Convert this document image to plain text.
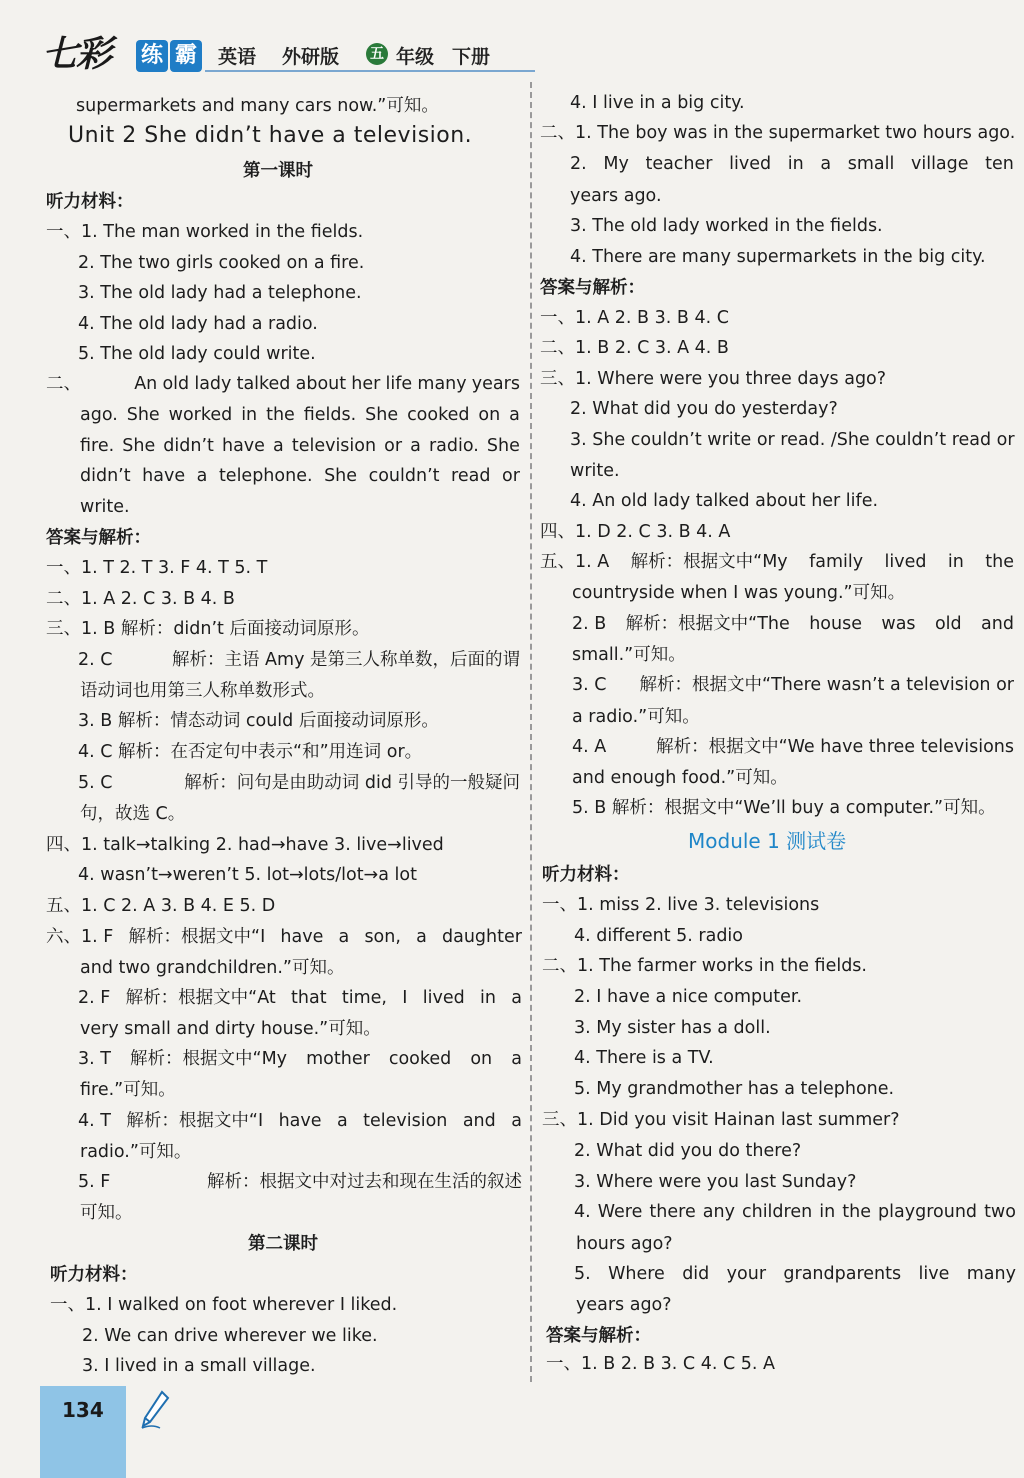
七彩 练 霸 英语 外研版 五 年级 下册
supermarkets and many cars now.”可知。
Unit 2 She didn’t have a television.
第一课时
听力材料：
一、1. The man worked in the fields.
2. The two girls cooked on a fire.
3. The old lady had a telephone.
4. The old lady had a radio.
5. The old lady could write.
二、	An old lady talked about her life many years
ago. She worked in the fields. She cooked on a
fire. She didn’t have a television or a radio. She
didn’t have a telephone. She couldn’t read or
write.
答案与解析：
一、1. T 2. T 3. F 4. T 5. T
二、1. A 2. C 3. B 4. B
三、1. B 解析：didn’t 后面接动词原形。
2. C	解析：主语 Amy 是第三人称单数，后面的谓
语动词也用第三人称单数形式。
3. B 解析：情态动词 could 后面接动词原形。
4. C 解析：在否定句中表示“和”用连词 or。
5. C	解析：问句是由助动词 did 引导的一般疑问
句，故选 C。
四、1. talk→talking 2. had→have 3. live→lived
4. wasn’t→weren’t 5. lot→lots/lot→a lot
五、1. C 2. A 3. B 4. E 5. D
六、1. F 解析：根据文中“I have a son, a daughter
and two grandchildren.”可知。
2. F 解析：根据文中“At that time, I lived in a
very small and dirty house.”可知。
3. T 解析：根据文中“My mother cooked on a
fire.”可知。
4. T 解析：根据文中“I have a television and a
radio.”可知。
5. F	解析：根据文中对过去和现在生活的叙述
可知。
第二课时
听力材料：
一、1. I walked on foot wherever I liked.
2. We can drive wherever we like.
3. I lived in a small village.
4. I live in a big city.
二、1. The boy was in the supermarket two hours ago.
2. My teacher lived in a small village ten
years ago.
3. The old lady worked in the fields.
4. There are many supermarkets in the big city.
答案与解析：
一、1. A 2. B 3. B 4. C
二、1. B 2. C 3. A 4. B
三、1. Where were you three days ago?
2. What did you do yesterday?
3. She couldn’t write or read. /She couldn’t read or
write.
4. An old lady talked about her life.
四、1. D 2. C 3. B 4. A
五、1. A 解析：根据文中“My family lived in the
countryside when I was young.”可知。
2. B 解析：根据文中“The house was old and
small.”可知。
3. C 解析：根据文中“There wasn’t a television or
a radio.”可知。
4. A	解析：根据文中“We have three televisions
and enough food.”可知。
5. B 解析：根据文中“We’ll buy a computer.”可知。
Module 1 测试卷
听力材料：
一、1. miss 2. live 3. televisions
4. different 5. radio
二、1. The farmer works in the fields.
2. I have a nice computer.
3. My sister has a doll.
4. There is a TV.
5. My grandmother has a telephone.
三、1. Did you visit Hainan last summer?
2. What did you do there?
3. Where were you last Sunday?
4. Were there any children in the playground two
hours ago?
5. Where did your grandparents live many
years ago?
答案与解析：
一、1. B 2. B 3. C 4. C 5. A
134
